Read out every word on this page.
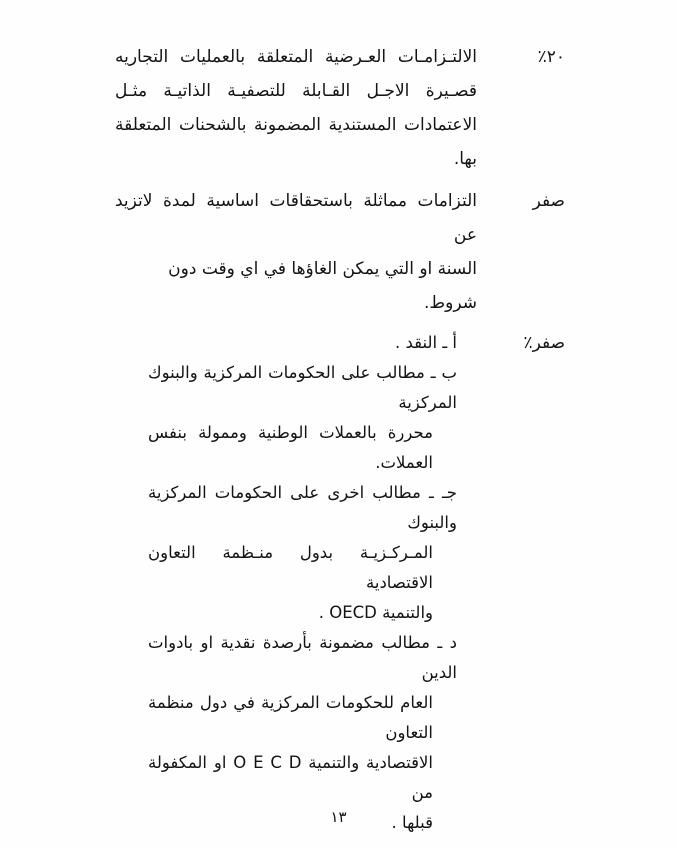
٢٠٪
الالتـزامـات العـرضية المتعلقة بالعمليات التجاريه
قصـيرة الاجـل القـابلة للتصفيـة الذاتيـة مثـل
الاعتمادات المستندية المضمونة بالشحنات المتعلقة
بها.
صفر
التزامات مماثلة باستحقاقات اساسية لمدة لاتزيد عن
السنة او التي يمكن الغاؤها في اي وقت دون شروط.
صفر٪
أ ـ النقد .
ب ـ مطالب على الحكومات المركزية والبنوك المركزية
محررة بالعملات الوطنية وممولة بنفس
العملات.
جـ ـ مطالب اخرى على الحكومات المركزية والبنوك
المـركـزيـة بدول منـظمة التعاون الاقتصادية
والتنمية OECD .
د ـ مطالب مضمونة بأرصدة نقدية او بادوات الدين
العام للحكومات المركزية في دول منظمة التعاون
الاقتصادية والتنمية O E C D او المكفولة من
قبلها .
١٣
